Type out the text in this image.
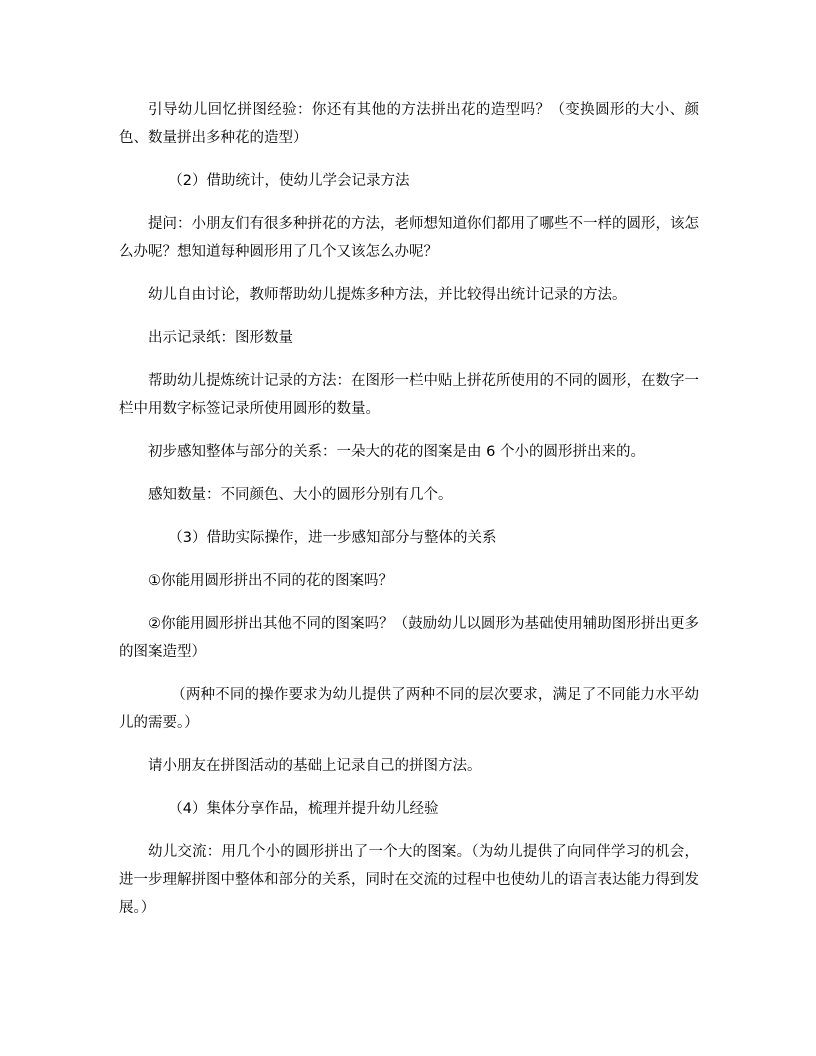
引导幼儿回忆拼图经验：你还有其他的方法拼出花的造型吗？（变换圆形的大小、颜色、数量拼出多种花的造型）

（2）借助统计，使幼儿学会记录方法

提问：小朋友们有很多种拼花的方法，老师想知道你们都用了哪些不一样的圆形，该怎么办呢？想知道每种圆形用了几个又该怎么办呢？

幼儿自由讨论，教师帮助幼儿提炼多种方法，并比较得出统计记录的方法。

出示记录纸：图形数量

帮助幼儿提炼统计记录的方法：在图形一栏中贴上拼花所使用的不同的圆形，在数字一栏中用数字标签记录所使用圆形的数量。

初步感知整体与部分的关系：一朵大的花的图案是由 6 个小的圆形拼出来的。

感知数量：不同颜色、大小的圆形分别有几个。

（3）借助实际操作，进一步感知部分与整体的关系

①你能用圆形拼出不同的花的图案吗？

②你能用圆形拼出其他不同的图案吗？（鼓励幼儿以圆形为基础使用辅助图形拼出更多的图案造型）

（两种不同的操作要求为幼儿提供了两种不同的层次要求，满足了不同能力水平幼儿的需要。）

请小朋友在拼图活动的基础上记录自己的拼图方法。

（4）集体分享作品，梳理并提升幼儿经验

幼儿交流：用几个小的圆形拼出了一个大的图案。（为幼儿提供了向同伴学习的机会，进一步理解拼图中整体和部分的关系，同时在交流的过程中也使幼儿的语言表达能力得到发展。）
